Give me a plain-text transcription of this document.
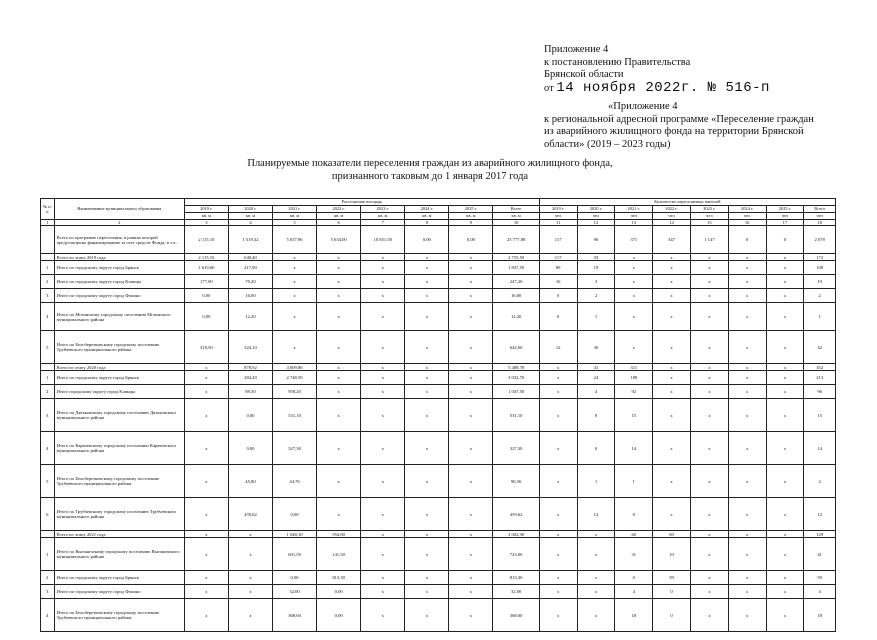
Приложение 4
к постановлению Правительства
Брянской области
от 14 ноября 2022г. № 516-п
«Приложение 4
к региональной адресной программе «Переселение граждан из аварийного жилищного фонда на территории Брянской области» (2019 – 2023 годы)
Планируемые показатели переселения граждан из аварийного жилищного фонда,
признанного таковым до 1 января 2017 года
№ п/п	Наименование муниципального образования	Расселяемая площадь								Количество переселяемых жителей							
		2019 г.	2020 г.	2021 г.	2022 г.	2023 г.	2024 г.	2025 г.	Всего	2019 г.	2020 г.	2021 г.	2022 г.	2023 г.	2024 г.	2025 г.	Всего
		кв. м	кв. м	кв. м	кв. м	кв. м	кв. м	кв. м	кв. м	чел	чел	чел	чел	чел	чел	чел	чел
1	2	3	4	5	6	7	8	9	10	11	12	13	14	15	16	17	18
	Всего по программе переселения, в рамках которой предусмотрено финансирование за счет средств Фонда, в т.ч.:	2 115,10	1 519,32	5 657,96	5 634,00	10 851,50	0,00	0,00	25 777,88	117	96	371	347	1 147	0	0	2 078
	Всего по этапу 2019 года	2 115,10	640,40	x	x	x	x	x	2 755,50	117	33	x	x	x	x	x	172
1	Итого по городскому округу город Брянск	1 619,60	217,90	x	x	x	x	x	1 837,50	89	19	x	x	x	x	x	108
2	Итого по городскому округу город Клинцы	177,00	70,20	x	x	x	x	x	247,20	16	3	x	x	x	x	x	19
3	Итого по городскому округу город Фокино	0,00	16,00	x	x	x	x	x	16,00	0	2	x	x	x	x	x	2
4	Итого по Мглинскому городскому поселению Мглинского муниципального района	0,00	12,20	x	x	x	x	x	12,20	0	1	x	x	x	x	x	1
5	Итого по Белоберезковскому городскому поселению Трубчевского муниципального района	318,50	324,10	x	x	x	x	x	642,60	12	30	x	x	x	x	x	42
	Всего по этапу 2020 года	x	878,92	4 609,86	x	x	x	x	5 488,78	x	41	311	x	x	x	x	352
1	Итого по городскому округу город Брянск	x	284,20	2 748,50	x	x	x	x	3 032,70	x	24	189	x	x	x	x	213
2	Итого городскому округу город Клинцы	x	89,30	958,20	x	x	x	x	1 047,50	x	4	92	x	x	x	x	96
3	Итого по Дятьковскому городскому поселению Дятьковского муниципального района	x	0,00	531,10	x	x	x	x	531,10	x	0	15	x	x	x	x	15
4	Итого по Карачевскому городскому поселению Карачевского муниципального района	x	0,00	327,30	x	x	x	x	327,30	x	0	14	x	x	x	x	14
5	Итого по Белоберезковскому городскому поселению Трубчевского муниципального района	x	45,80	44,76	x	x	x	x	90,56	x	1	1	x	x	x	x	2
6	Итого по Трубчевскому городскому поселению Трубчевского муниципального района	x	459,62	0,00	x	x	x	x	459,62	x	12	0	x	x	x	x	12
	Всего по этапу 2021 года	x	x	1 048,10	954,80	x	x	x	2 002,90	x	x	60	69	x	x	x	129
1	Итого по Выгоничскому городскому поселению Выгоничского муниципального района	x	x	601,50	141,50	x	x	x	743,00	x	x	31	10	x	x	x	41
2	Итого по городскому округу город Брянск	x	x	0,00	813,30	x	x	x	813,30	x	x	0	59	x	x	x	59
3	Итого по городскому округу город Фокино	x	x	32,00	0,00	x	x	x	32,00	x	x	4	0	x	x	x	4
4	Итого по Белоберезковскому городскому поселению Трубчевского муниципального района	x	x	368,60	0,00	x	x	x	368,60	x	x	18	0	x	x	x	18
